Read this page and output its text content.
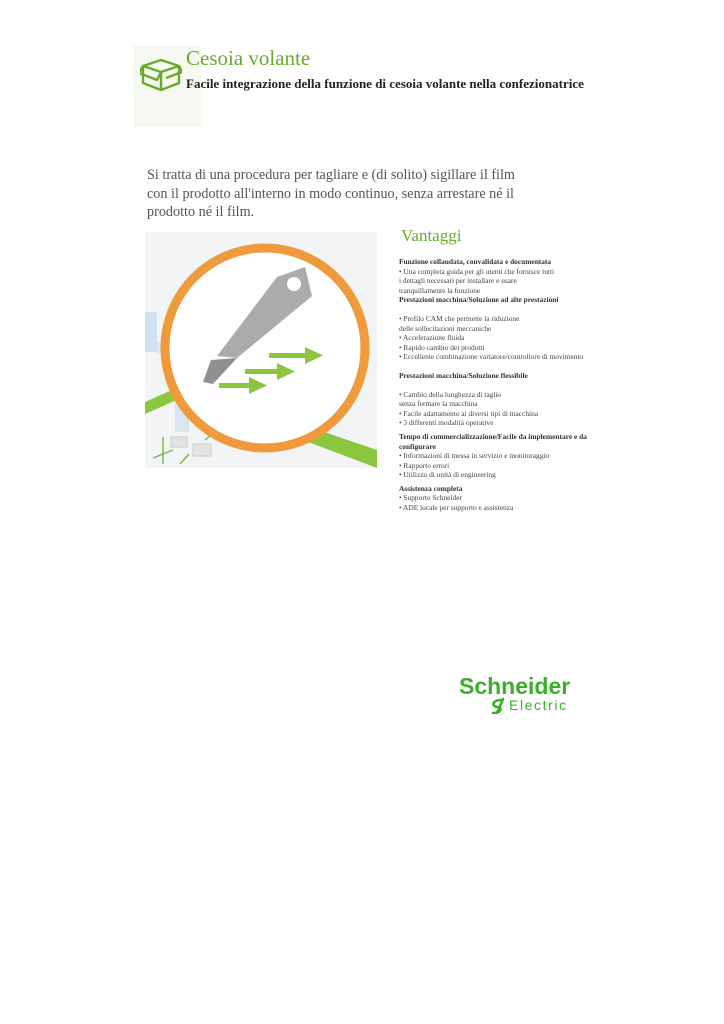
Cesoia volante
Facile integrazione della funzione di cesoia volante nella confezionatrice

Si tratta di una procedura per tagliare e (di solito) sigillare il film
con il prodotto all'interno in modo continuo, senza arrestare né il
prodotto né il film.

Vantaggi
Funzione collaudata, convalidata e documentata
• Una completa guida per gli utenti che fornisce tutti
i dettagli necessari per installare e usare
tranquillamente la funzione
Prestazioni macchina/Soluzione ad alte prestazioni
• Profilo CAM che permette la riduzione
delle sollecitazioni meccaniche
• Accelerazione fluida
• Rapido cambio dei prodotti
• Eccellente combinazione variatore/controllore di movimento
Prestazioni macchina/Soluzione flessibile
• Cambio della lunghezza di taglio
senza fermare la macchina
• Facile adattamento ai diversi tipi di macchina
• 3 differenti modalità operative
Tempo di commercializzazione/Facile da implementare e da configurare
• Informazioni di messa in servizio e monitoraggio
• Rapporto errori
• Utilizzo di unità di engineering
Assistenza completa
• Supporto Schneider
• ADE locale per supporto e assistenza
Schneider
Electric
